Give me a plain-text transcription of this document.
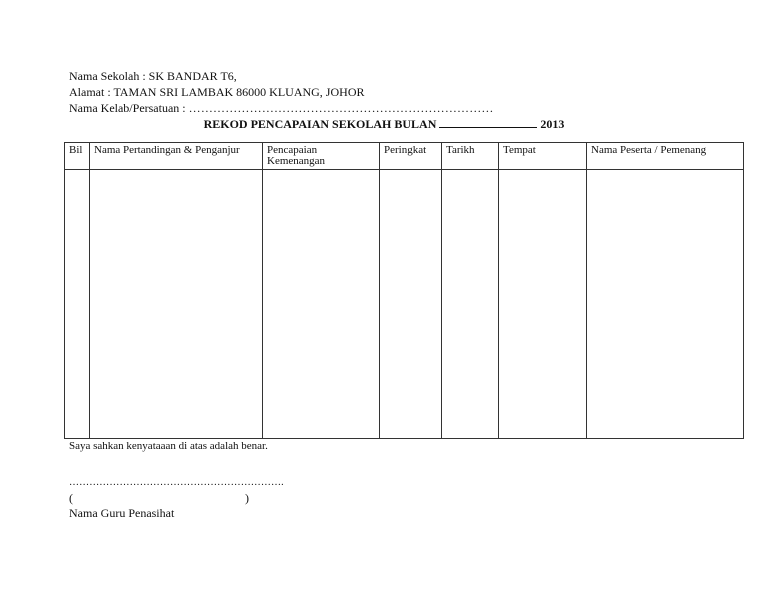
Nama Sekolah : SK BANDAR T6,
Alamat : TAMAN SRI LAMBAK 86000 KLUANG, JOHOR
Nama Kelab/Persatuan : …………………………………………………………………
REKOD PENCAPAIAN SEKOLAH BULAN	2013
Bil	Nama Pertandingan & Penganjur	Pencapaian Kemenangan	Peringkat	Tarikh	Tempat	Nama Peserta / Pemenang

Saya sahkan kenyataaan di atas adalah benar.
……………………………………………………….
(	)
Nama Guru Penasihat
